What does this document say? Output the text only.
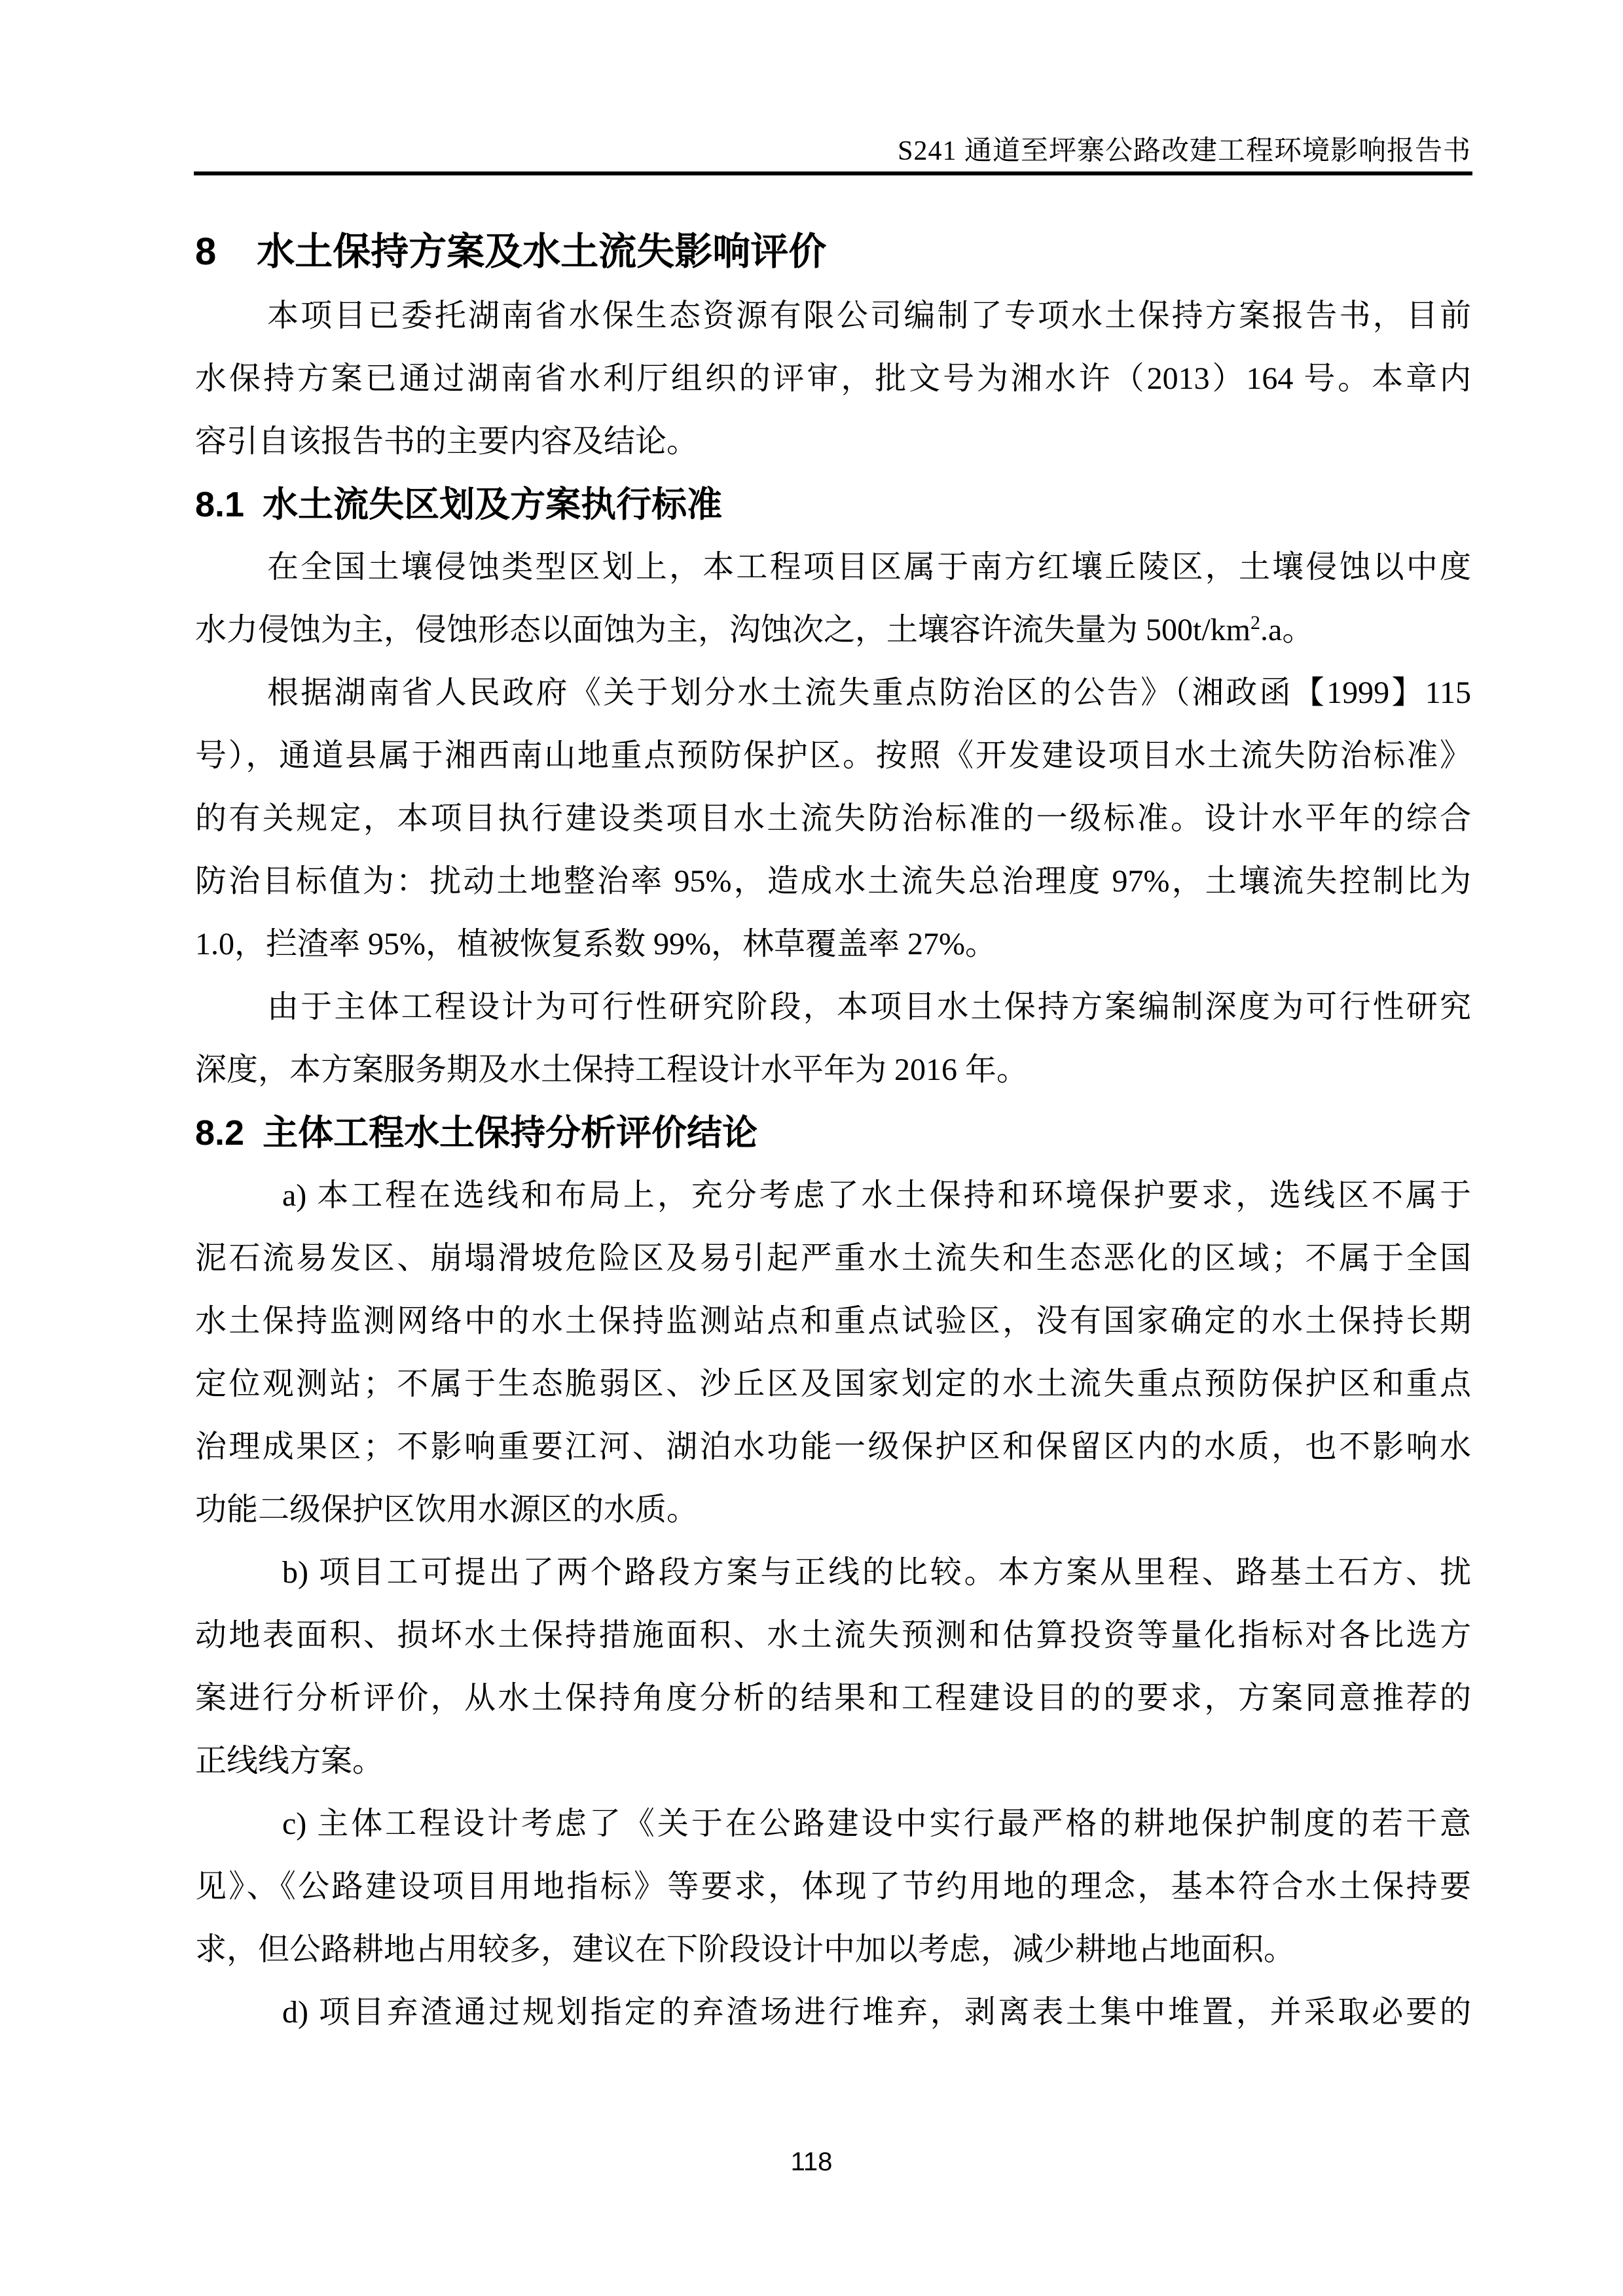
S241 通道至坪寨公路改建工程环境影响报告书
8 水土保持方案及水土流失影响评价
本项目已委托湖南省水保生态资源有限公司编制了专项水土保持方案报告书，目前
水保持方案已通过湖南省水利厅组织的评审，批文号为湘水许（2013）164 号。本章内
容引自该报告书的主要内容及结论。
8.1 水土流失区划及方案执行标准
在全国土壤侵蚀类型区划上，本工程项目区属于南方红壤丘陵区，土壤侵蚀以中度
水力侵蚀为主，侵蚀形态以面蚀为主，沟蚀次之，土壤容许流失量为 $500t/km^2.a$。
根据湖南省人民政府《关于划分水土流失重点防治区的公告》（湘政函【1999】115
号），通道县属于湘西南山地重点预防保护区。按照《开发建设项目水土流失防治标准》
的有关规定，本项目执行建设类项目水土流失防治标准的一级标准。设计水平年的综合
防治目标值为：扰动土地整治率 95%，造成水土流失总治理度 97%，土壤流失控制比为
1.0，拦渣率 95%，植被恢复系数 99%，林草覆盖率 27%。
由于主体工程设计为可行性研究阶段，本项目水土保持方案编制深度为可行性研究
深度，本方案服务期及水土保持工程设计水平年为 2016 年。
8.2 主体工程水土保持分析评价结论
a) 本工程在选线和布局上，充分考虑了水土保持和环境保护要求，选线区不属于
泥石流易发区、崩塌滑坡危险区及易引起严重水土流失和生态恶化的区域；不属于全国
水土保持监测网络中的水土保持监测站点和重点试验区，没有国家确定的水土保持长期
定位观测站；不属于生态脆弱区、沙丘区及国家划定的水土流失重点预防保护区和重点
治理成果区；不影响重要江河、湖泊水功能一级保护区和保留区内的水质，也不影响水
功能二级保护区饮用水源区的水质。
b) 项目工可提出了两个路段方案与正线的比较。本方案从里程、路基土石方、扰
动地表面积、损坏水土保持措施面积、水土流失预测和估算投资等量化指标对各比选方
案进行分析评价，从水土保持角度分析的结果和工程建设目的的要求，方案同意推荐的
正线线方案。
c) 主体工程设计考虑了《关于在公路建设中实行最严格的耕地保护制度的若干意
见》、《公路建设项目用地指标》等要求，体现了节约用地的理念，基本符合水土保持要
求，但公路耕地占用较多，建议在下阶段设计中加以考虑，减少耕地占地面积。
d) 项目弃渣通过规划指定的弃渣场进行堆弃，剥离表土集中堆置，并采取必要的
118
